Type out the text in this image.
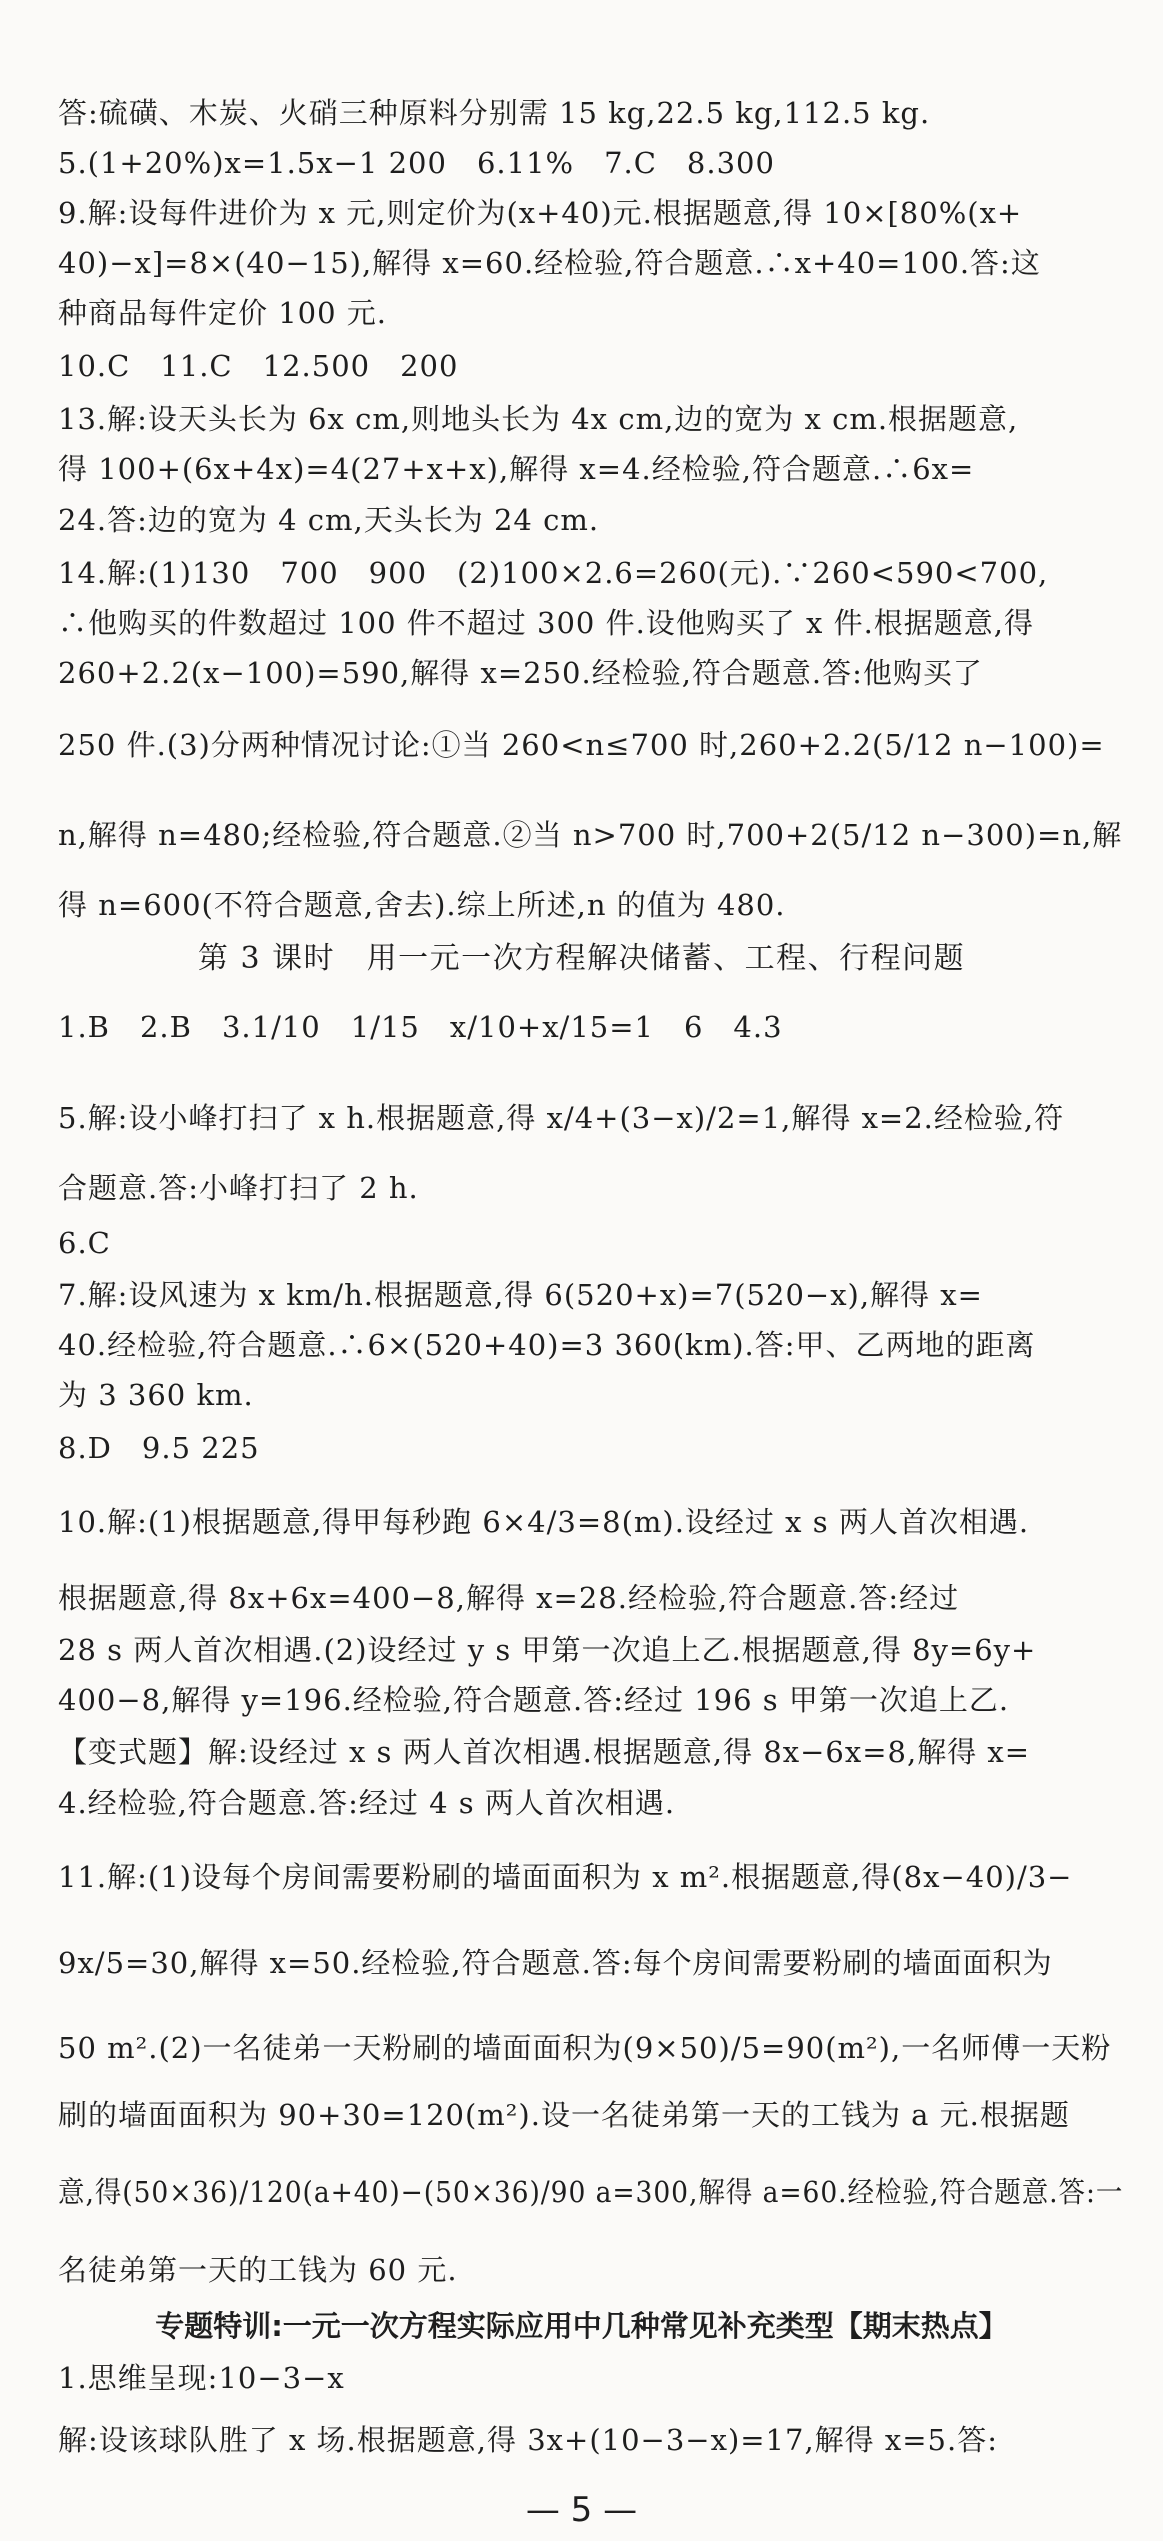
答:硫磺、木炭、火硝三种原料分别需 15 kg,22.5 kg,112.5 kg.
5.(1+20%)x=1.5x−1 200　6.11%　7.C　8.300
9.解:设每件进价为 x 元,则定价为(x+40)元.根据题意,得 10×[80%(x+
40)−x]=8×(40−15),解得 x=60.经检验,符合题意.∴x+40=100.答:这
种商品每件定价 100 元.
10.C　11.C　12.500　200
13.解:设天头长为 6x cm,则地头长为 4x cm,边的宽为 x cm.根据题意,
得 100+(6x+4x)=4(27+x+x),解得 x=4.经检验,符合题意.∴6x=
24.答:边的宽为 4 cm,天头长为 24 cm.
14.解:(1)130　700　900　(2)100×2.6=260(元).∵260<590<700,
∴他购买的件数超过 100 件不超过 300 件.设他购买了 x 件.根据题意,得
260+2.2(x−100)=590,解得 x=250.经检验,符合题意.答:他购买了
250 件.(3)分两种情况讨论:①当 260<n≤700 时,260+2.2(5/12 n−100)=
n,解得 n=480;经检验,符合题意.②当 n>700 时,700+2(5/12 n−300)=n,解
得 n=600(不符合题意,舍去).综上所述,n 的值为 480.
第 3 课时　用一元一次方程解决储蓄、工程、行程问题
1.B　2.B　3.1/10　1/15　x/10+x/15=1　6　4.3
5.解:设小峰打扫了 x h.根据题意,得 x/4+(3−x)/2=1,解得 x=2.经检验,符
合题意.答:小峰打扫了 2 h.
6.C
7.解:设风速为 x km/h.根据题意,得 6(520+x)=7(520−x),解得 x=
40.经检验,符合题意.∴6×(520+40)=3 360(km).答:甲、乙两地的距离
为 3 360 km.
8.D　9.5 225
10.解:(1)根据题意,得甲每秒跑 6×4/3=8(m).设经过 x s 两人首次相遇.
根据题意,得 8x+6x=400−8,解得 x=28.经检验,符合题意.答:经过
28 s 两人首次相遇.(2)设经过 y s 甲第一次追上乙.根据题意,得 8y=6y+
400−8,解得 y=196.经检验,符合题意.答:经过 196 s 甲第一次追上乙.
【变式题】解:设经过 x s 两人首次相遇.根据题意,得 8x−6x=8,解得 x=
4.经检验,符合题意.答:经过 4 s 两人首次相遇.
11.解:(1)设每个房间需要粉刷的墙面面积为 x m².根据题意,得(8x−40)/3−
9x/5=30,解得 x=50.经检验,符合题意.答:每个房间需要粉刷的墙面面积为
50 m².(2)一名徒弟一天粉刷的墙面面积为(9×50)/5=90(m²),一名师傅一天粉
刷的墙面面积为 90+30=120(m²).设一名徒弟第一天的工钱为 a 元.根据题
意,得(50×36)/120(a+40)−(50×36)/90 a=300,解得 a=60.经检验,符合题意.答:一
名徒弟第一天的工钱为 60 元.
专题特训:一元一次方程实际应用中几种常见补充类型【期末热点】
1.思维呈现:10−3−x
解:设该球队胜了 x 场.根据题意,得 3x+(10−3−x)=17,解得 x=5.答:
— 5 —
